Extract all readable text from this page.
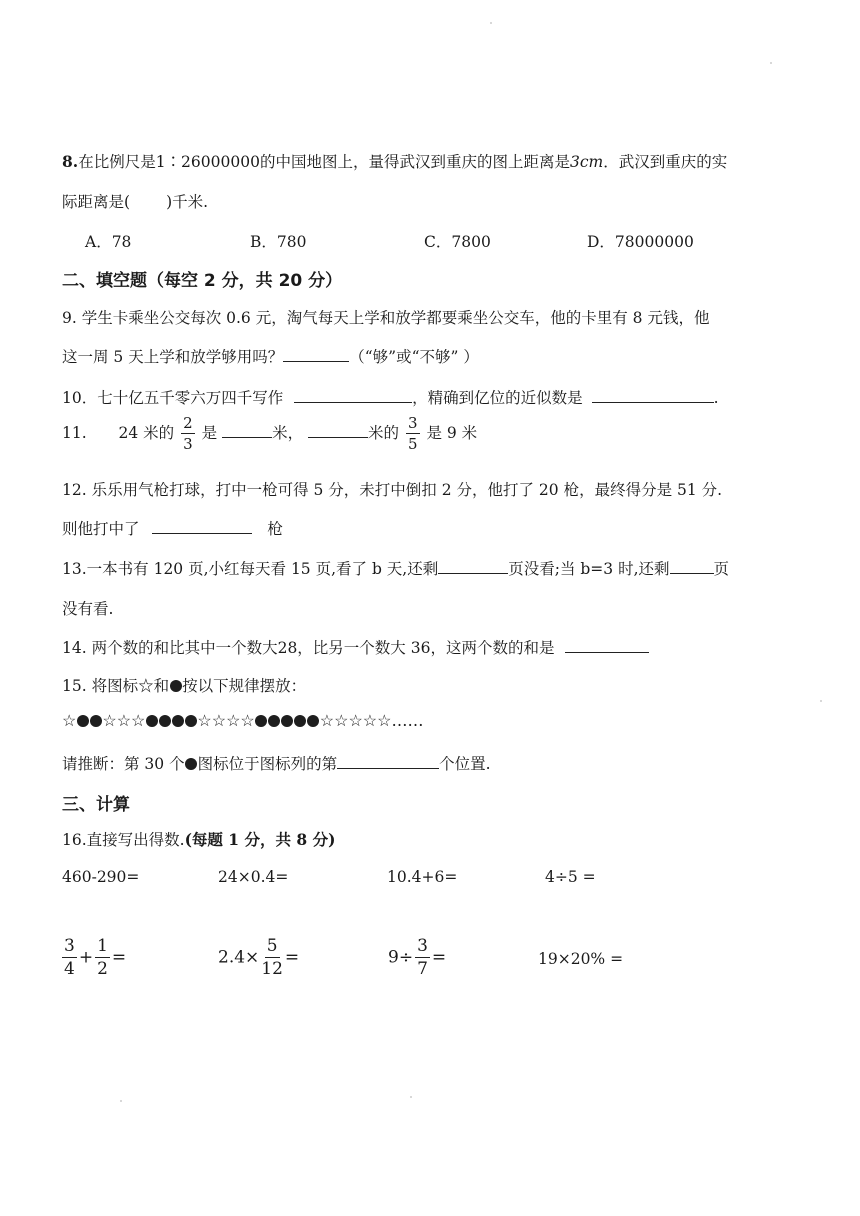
8.在比例尺是1∶26000000的中国地图上，量得武汉到重庆的图上距离是3cm．武汉到重庆的实
际距离是( )千米.
A．78	B．780	C．7800	D．78000000
二、填空题（每空 2 分，共 20 分）
9. 学生卡乘坐公交每次 0.6 元，淘气每天上学和放学都要乘坐公交车，他的卡里有 8 元钱，他
这一周 5 天上学和放学够用吗？	（“够”或“不够” ）
10．七十亿五千零六万四千写作	，精确到亿位的近似数是	.
11. 24 米的 $\frac{2}{3}$ 是	米，	米的 $\frac{3}{5}$ 是 9 米
12. 乐乐用气枪打球，打中一枪可得 5 分，未打中倒扣 2 分，他打了 20 枪，最终得分是 51 分.
则他打中了	枪
13.一本书有 120 页,小红每天看 15 页,看了 b 天,还剩	页没看;当 b=3 时,还剩	页
没有看.
14. 两个数的和比其中一个数大28，比另一个数大 36，这两个数的和是
15. 将图标☆和 按以下规律摆放：
☆ ☆☆☆	☆☆☆☆	☆☆☆☆☆……
请推断：第 30 个 图标位于图标列的第	个位置.
三、计算
16.直接写出得数.(每题 1 分，共 8 分)
460-290=	24×0.4=	10.4+6=	4÷5 =
$\frac{3}{4} + \frac{1}{2}$ =	$2.4\times \frac{5}{12}$ =	$9\div \frac{3}{7}$ =	19×20% =
